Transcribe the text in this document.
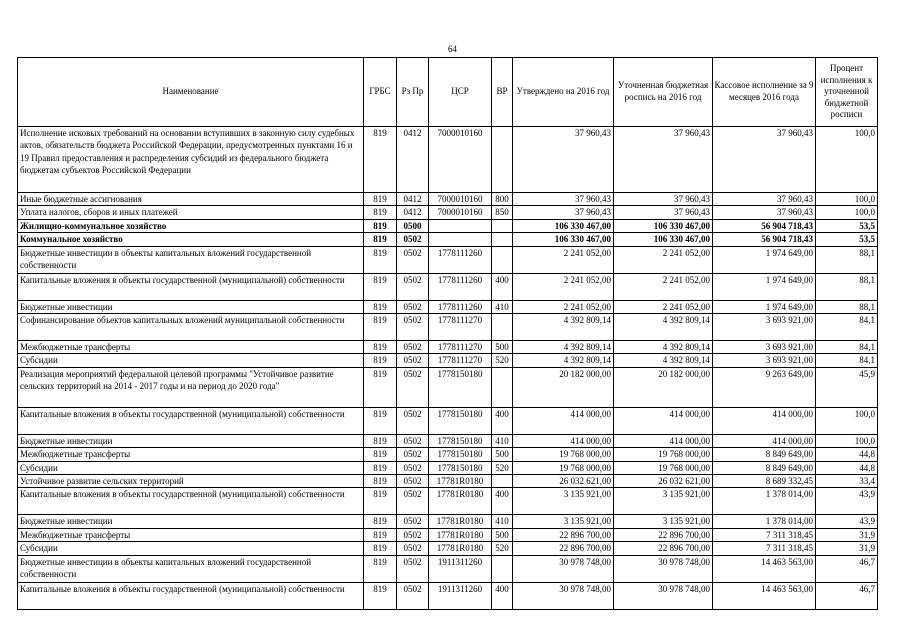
64
Наименование	ГРБС	Рз Пр	ЦСР	ВР	Утверждено на 2016 год	Уточненная бюджетная роспись на 2016 год	Кассовое исполнение за 9 месяцев 2016 года	Процент исполнения к уточненной бюджетной росписи
Исполнение исковых требований на основании вступивших в законную силу судебных актов, обязательств бюджета Российской Федерации, предусмотренных пунктами 16 и 19 Правил предоставления и распределения субсидий из федерального бюджета бюджетам субъектов Российской Федерации	819	0412	7000010160		37 960,43	37 960,43	37 960,43	100,0
Иные бюджетные ассигнования	819	0412	7000010160	800	37 960,43	37 960,43	37 960,43	100,0
Уплата налогов, сборов и иных платежей	819	0412	7000010160	850	37 960,43	37 960,43	37 960,43	100,0
Жилищно-коммунальное хозяйство	819	0500			106 330 467,00	106 330 467,00	56 904 718,43	53,5
Коммунальное хозяйство	819	0502			106 330 467,00	106 330 467,00	56 904 718,43	53,5
Бюджетные инвестиции в объекты капитальных вложений государственной собственности	819	0502	1778111260		2 241 052,00	2 241 052,00	1 974 649,00	88,1
Капитальные вложения в объекты государственной (муниципальной) собственности	819	0502	1778111260	400	2 241 052,00	2 241 052,00	1 974 649,00	88,1
Бюджетные инвестиции	819	0502	1778111260	410	2 241 052,00	2 241 052,00	1 974 649,00	88,1
Софинансирование объектов капитальных вложений муниципальной собственности	819	0502	1778111270		4 392 809,14	4 392 809,14	3 693 921,00	84,1
Межбюджетные трансферты	819	0502	1778111270	500	4 392 809,14	4 392 809,14	3 693 921,00	84,1
Субсидии	819	0502	1778111270	520	4 392 809,14	4 392 809,14	3 693 921,00	84,1
Реализация мероприятий федеральной целевой программы "Устойчивое развитие сельских территорий на 2014 - 2017 годы и на период до 2020 года"	819	0502	1778150180		20 182 000,00	20 182 000,00	9 263 649,00	45,9
Капитальные вложения в объекты государственной (муниципальной) собственности	819	0502	1778150180	400	414 000,00	414 000,00	414 000,00	100,0
Бюджетные инвестиции	819	0502	1778150180	410	414 000,00	414 000,00	414 000,00	100,0
Межбюджетные трансферты	819	0502	1778150180	500	19 768 000,00	19 768 000,00	8 849 649,00	44,8
Субсидии	819	0502	1778150180	520	19 768 000,00	19 768 000,00	8 849 649,00	44,8
Устойчивое развитие сельских территорий	819	0502	17781R0180		26 032 621,00	26 032 621,00	8 689 332,45	33,4
Капитальные вложения в объекты государственной (муниципальной) собственности	819	0502	17781R0180	400	3 135 921,00	3 135 921,00	1 378 014,00	43,9
Бюджетные инвестиции	819	0502	17781R0180	410	3 135 921,00	3 135 921,00	1 378 014,00	43,9
Межбюджетные трансферты	819	0502	17781R0180	500	22 896 700,00	22 896 700,00	7 311 318,45	31,9
Субсидии	819	0502	17781R0180	520	22 896 700,00	22 896 700,00	7 311 318,45	31,9
Бюджетные инвестиции в объекты капитальных вложений государственной собственности	819	0502	1911311260		30 978 748,00	30 978 748,00	14 463 563,00	46,7
Капитальные вложения в объекты государственной (муниципальной) собственности	819	0502	1911311260	400	30 978 748,00	30 978 748,00	14 463 563,00	46,7
